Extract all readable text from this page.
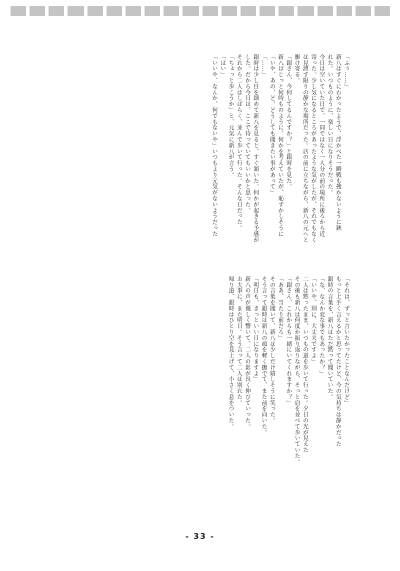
「ふぅ……」

新八はすぐにわかったようで、浮かべた一瞬戦も捜かないように鋏

れた。いつものように、楽しい日になりそうだった。

今日は空いていた日で、一同ではなく一人分の前の場所に後ろから近

寄った。少し気になるところがあったような気がしたが、それでもなく

は見渡す限りの静かな場所だった。店の前に立ちながら、新八の元へと

駆け寄る。

「銀さん、今何してるんですか？」と銀時を見た。

新八はじっと何時ものように、何かを考えていたが、恥ずかしそうに

「いや、あの、ど、どうしても聞きたい事があって」

「……」

銀時は少し目を細めて新八を見ると、すぐ頷いた。何かが起きる予感が

した。だから今日は、ここで待っていてもいいかと思った。

それから二人はしばらく、並んで歩いて行った。そんな日だった。

「ちょっと歩こうか」と、元気に新八が言う。

「はい」

「いいや、なんか、何でもないや」いつもより元気がないようだった

「それは、ずっと言いたかったことなんだけど」

もっと上手く言えるかと思ってたけど、今の気持ちは静かだった

銀時の言葉を、新八はただ黙って聞いていた。

「な、なんか変な事でもあったか？」

「いいや、別に、大丈夫ですよ」

二人は黙ったまま、いつもの道を歩いて行った。夕日の光が見えた

その後も新八は何度か振り返りながら、そっと肩を並べて歩いていた。

「銀さん、これからも一緒にいてくれますか？」

「ああ、当たり前だろ」

その言葉を聞いて、新八は少しだけ嬉しそうに笑った。

そう言って銀時は新八の頭を軽く撫でて、また前を向いた。

「明日も、きっといい日になりますよ」

新八の声が優しく響いて、二人の影が長く伸びていった。

お大事に、また明日。そう言って二人は別れた。

帰り道、銀時はひとり空を見上げて、小さく息をついた。

- 33 -
